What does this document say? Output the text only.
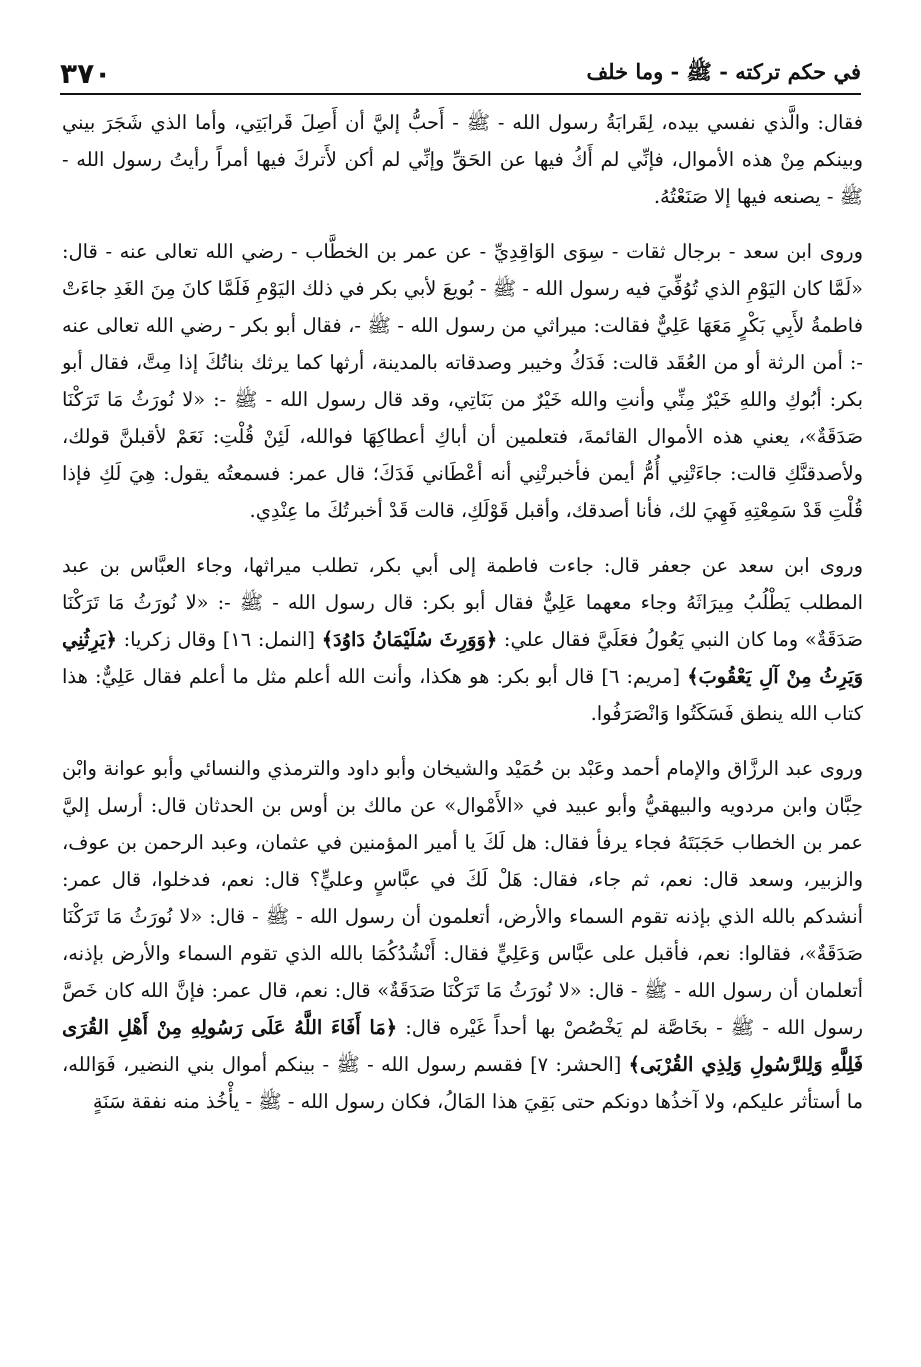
٣٧٠	في حكم تركته - ﷺ - وما خلف

فقال: والَّذي نفسي بيده، لِقَرابَةُ رسول الله - ﷺ - أَحبُّ إليَّ أن أَصِلَ قَرابَتِي، وأما الذي شَجَرَ بيني وبينكم مِنْ هذه الأموال، فإنِّي لم أَكُ فيها عن الحَقِّ وإنِّي لم أكن لأَتركَ فيها أمراً رأيتُ رسول الله - ﷺ - يصنعه فيها إلا صَنَعْتُهُ.

وروى ابن سعد - برجال ثقات - سِوَى الوَاقِدِيِّ - عن عمر بن الخطَّاب - رضي الله تعالى عنه - قال: «لَمَّا كان اليَوْمِ الذي تُوُفِّيَ فيه رسول الله - ﷺ - بُويعَ لأبي بكر في ذلك اليَوْمِ فَلَمَّا كانَ مِنَ الغَدِ جاءَتْ فاطمةُ لأَبِي بَكْرٍ مَعَهَا عَلِيٌّ فقالت: ميراثي من رسول الله - ﷺ -، فقال أبو بكر - رضي الله تعالى عنه -: أمن الرثة أو من العُقَد قالت: فَدَكُ وخيبر وصدقاته بالمدينة، أرثها كما يرثك بناتُكَ إذا مِتَّ، فقال أبو بكر: أبُوكِ واللهِ خَيْرٌ مِنِّي وأنتِ والله خَيْرٌ من بَنَاتِي، وقد قال رسول الله - ﷺ -: «لا نُورَثُ مَا تَرَكْنَا صَدَقَةٌ»، يعني هذه الأموال القائمةَ، فتعلمين أن أباكِ أعطاكِهَا فوالله، لَئِنْ قُلْتِ: نَعَمْ لأقبلنَّ قولك، ولأصدقنَّكِ قالت: جاءَتْنِي أُمُّ أيمن فأخبرتْنِي أنه أعْطَاني فَدَكَ؛ قال عمر: فسمعتُه يقول: هِيَ لَكِ فإذا قُلْتِ قَدْ سَمِعْتِهِ فَهِيَ لك، فأنا أصدقك، وأقبل قَوْلَكِ، قالت قَدْ أخبرتُكَ ما عِنْدِي.

وروى ابن سعد عن جعفر قال: جاءت فاطمة إلى أبي بكر، تطلب ميراثها، وجاء العبَّاس بن عبد المطلب يَطْلُبُ مِيرَاثَهُ وجاء معهما عَلِيٌّ فقال أبو بكر: قال رسول الله - ﷺ -: «لا نُورَثُ مَا تَرَكْنَا صَدَقَةٌ» وما كان النبي يَعُولُ فعَلَيَّ فقال علي: ﴿وَوَرِثَ سُلَيْمَانُ دَاوُدَ﴾ [النمل: ١٦] وقال زكريا: ﴿يَرِثُنِي وَيَرِثُ مِنْ آلِ يَعْقُوبَ﴾ [مريم: ٦] قال أبو بكر: هو هكذا، وأنت الله أعلم مثل ما أعلم فقال عَلِيٌّ: هذا كتاب الله ينطق فَسَكَتُوا وَانْصَرَفُوا.

وروى عبد الرزَّاق والإمام أحمد وعَبْد بن حُمَيْد والشيخان وأبو داود والترمذي والنسائي وأبو عوانة وابْن حِبَّان وابن مردويه والبيهقيُّ وأبو عبيد في «الأَمْوال» عن مالك بن أوس بن الحدثان قال: أرسل إليَّ عمر بن الخطاب حَجَبَتَهُ فجاء يرفأ فقال: هل لَكَ يا أمير المؤمنين في عثمان، وعبد الرحمن بن عوف، والزبير، وسعد قال: نعم، ثم جاء، فقال: هَلْ لَكَ في عبَّاسٍ وعليٍّ؟ قال: نعم، فدخلوا، قال عمر: أنشدكم بالله الذي بإذنه تقوم السماء والأرض، أتعلمون أن رسول الله - ﷺ - قال: «لا نُورَثُ مَا تَرَكْنَا صَدَقَةٌ»، فقالوا: نعم، فأقبل على عبَّاس وَعَلِيٍّ فقال: أَنْشُدُكُمَا بالله الذي تقوم السماء والأرض بإذنه، أتعلمان أن رسول الله - ﷺ - قال: «لا نُورَثُ مَا تَرَكْنَا صَدَقَةٌ» قال: نعم، قال عمر: فإنَّ الله كان خَصَّ رسول الله - ﷺ - بخَاصَّة لم يَخْصُصْ بها أحداً غَيْره قال: ﴿مَا أَفَاءَ اللَّهُ عَلَى رَسُولِهِ مِنْ أَهْلِ القُرَى فَلِلَّهِ وَلِلرَّسُولِ وَلِذِي القُرْبَى﴾ [الحشر: ٧] فقسم رسول الله - ﷺ - بينكم أموال بني النضير، فَوَالله، ما أستأثر عليكم، ولا آخذُها دونكم حتى بَقِيَ هذا المَالُ، فكان رسول الله - ﷺ - يأْخُذ منه نفقة سَنَةٍ
